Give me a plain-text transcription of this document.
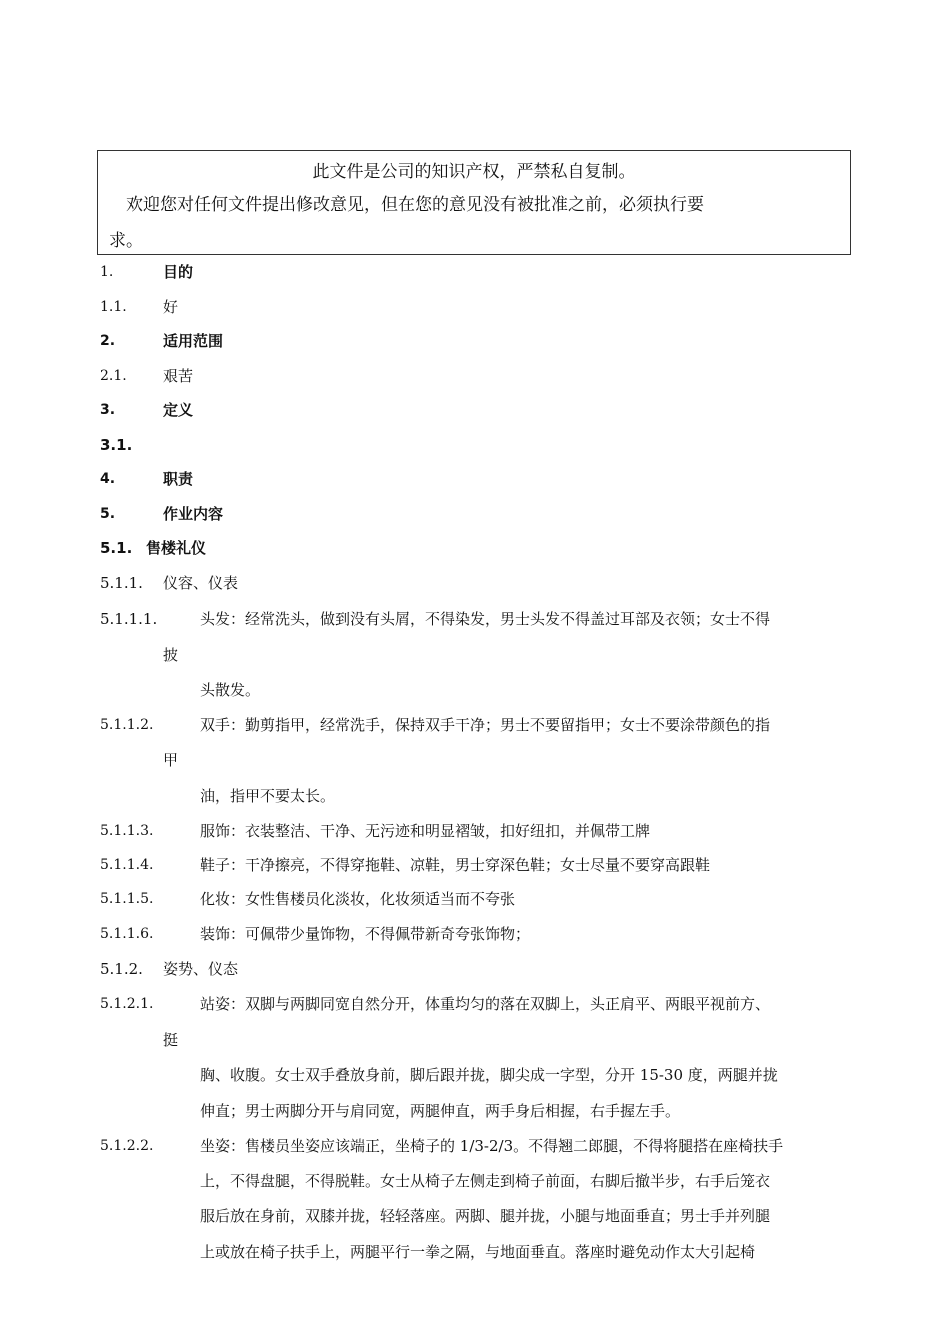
此文件是公司的知识产权，严禁私自复制。
欢迎您对任何文件提出修改意见，但在您的意见没有被批准之前，必须执行要
求。
1.	目的
1.1. 好
2.	适用范围
2.1. 艰苦
3.	定义
3.1.
4.	职责
5.	作业内容
5.1. 售楼礼仪
5.1.1. 仪容、仪表
5.1.1.1.	头发：经常洗头，做到没有头屑，不得染发，男士头发不得盖过耳部及衣领；女士不得
披
头散发。
5.1.1.2.	双手：勤剪指甲，经常洗手，保持双手干净；男士不要留指甲；女士不要涂带颜色的指
甲
油，指甲不要太长。
5.1.1.3.	服饰：衣装整洁、干净、无污迹和明显褶皱，扣好纽扣，并佩带工牌
5.1.1.4.	鞋子：干净擦亮，不得穿拖鞋、凉鞋，男士穿深色鞋；女士尽量不要穿高跟鞋
5.1.1.5.	化妆：女性售楼员化淡妆，化妆须适当而不夸张
5.1.1.6.	装饰：可佩带少量饰物，不得佩带新奇夸张饰物；
5.1.2. 姿势、仪态
5.1.2.1.	站姿：双脚与两脚同宽自然分开，体重均匀的落在双脚上，头正肩平、两眼平视前方、
挺
胸、收腹。女士双手叠放身前，脚后跟并拢，脚尖成一字型，分开 15-30 度，两腿并拢
伸直；男士两脚分开与肩同宽，两腿伸直，两手身后相握，右手握左手。
5.1.2.2.	坐姿：售楼员坐姿应该端正，坐椅子的 1/3-2/3。不得翘二郎腿，不得将腿搭在座椅扶手
上，不得盘腿，不得脱鞋。女士从椅子左侧走到椅子前面，右脚后撤半步，右手后笼衣
服后放在身前，双膝并拢，轻轻落座。两脚、腿并拢，小腿与地面垂直；男士手并列腿
上或放在椅子扶手上，两腿平行一拳之隔，与地面垂直。落座时避免动作太大引起椅
